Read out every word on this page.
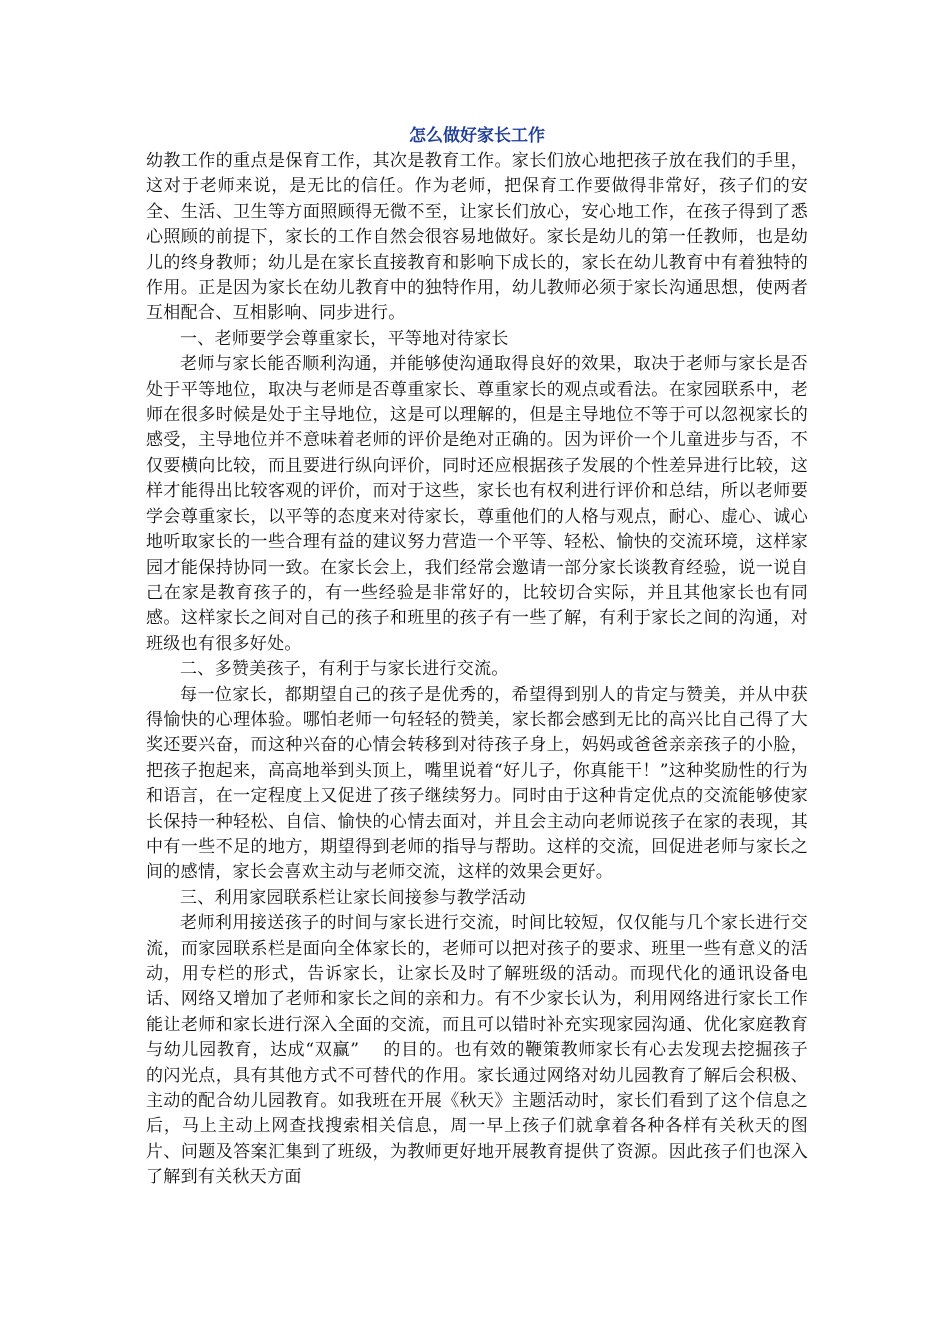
怎么做好家长工作

幼教工作的重点是保育工作，其次是教育工作。家长们放心地把孩子放在我们的手里，这对于老师来说，是无比的信任。作为老师，把保育工作要做得非常好，孩子们的安全、生活、卫生等方面照顾得无微不至，让家长们放心，安心地工作，在孩子得到了悉心照顾的前提下，家长的工作自然会很容易地做好。家长是幼儿的第一任教师，也是幼儿的终身教师；幼儿是在家长直接教育和影响下成长的，家长在幼儿教育中有着独特的作用。正是因为家长在幼儿教育中的独特作用，幼儿教师必须于家长沟通思想，使两者互相配合、互相影响、同步进行。

一、老师要学会尊重家长，平等地对待家长

老师与家长能否顺利沟通，并能够使沟通取得良好的效果，取决于老师与家长是否处于平等地位，取决与老师是否尊重家长、尊重家长的观点或看法。在家园联系中，老师在很多时候是处于主导地位，这是可以理解的，但是主导地位不等于可以忽视家长的感受，主导地位并不意味着老师的评价是绝对正确的。因为评价一个儿童进步与否，不仅要横向比较，而且要进行纵向评价，同时还应根据孩子发展的个性差异进行比较，这样才能得出比较客观的评价，而对于这些，家长也有权利进行评价和总结，所以老师要学会尊重家长，以平等的态度来对待家长，尊重他们的人格与观点，耐心、虚心、诚心地听取家长的一些合理有益的建议努力营造一个平等、轻松、愉快的交流环境，这样家园才能保持协同一致。在家长会上，我们经常会邀请一部分家长谈教育经验，说一说自己在家是教育孩子的，有一些经验是非常好的，比较切合实际，并且其他家长也有同感。这样家长之间对自己的孩子和班里的孩子有一些了解，有利于家长之间的沟通，对班级也有很多好处。

二、多赞美孩子，有利于与家长进行交流。

每一位家长，都期望自己的孩子是优秀的，希望得到别人的肯定与赞美，并从中获得愉快的心理体验。哪怕老师一句轻轻的赞美，家长都会感到无比的高兴比自己得了大奖还要兴奋，而这种兴奋的心情会转移到对待孩子身上，妈妈或爸爸亲亲孩子的小脸，把孩子抱起来，高高地举到头顶上，嘴里说着“好儿子，你真能干！”这种奖励性的行为和语言，在一定程度上又促进了孩子继续努力。同时由于这种肯定优点的交流能够使家长保持一种轻松、自信、愉快的心情去面对，并且会主动向老师说孩子在家的表现，其中有一些不足的地方，期望得到老师的指导与帮助。这样的交流，回促进老师与家长之间的感情，家长会喜欢主动与老师交流，这样的效果会更好。

三、利用家园联系栏让家长间接参与教学活动

老师利用接送孩子的时间与家长进行交流，时间比较短，仅仅能与几个家长进行交流，而家园联系栏是面向全体家长的，老师可以把对孩子的要求、班里一些有意义的活动，用专栏的形式，告诉家长，让家长及时了解班级的活动。而现代化的通讯设备电话、网络又增加了老师和家长之间的亲和力。有不少家长认为，利用网络进行家长工作能让老师和家长进行深入全面的交流，而且可以错时补充实现家园沟通、优化家庭教育与幼儿园教育，达成“双赢”　 的目的。也有效的鞭策教师家长有心去发现去挖掘孩子的闪光点，具有其他方式不可替代的作用。家长通过网络对幼儿园教育了解后会积极、主动的配合幼儿园教育。如我班在开展《秋天》主题活动时，家长们看到了这个信息之后，马上主动上网查找搜索相关信息，周一早上孩子们就拿着各种各样有关秋天的图片、问题及答案汇集到了班级，为教师更好地开展教育提供了资源。因此孩子们也深入了解到有关秋天方面
